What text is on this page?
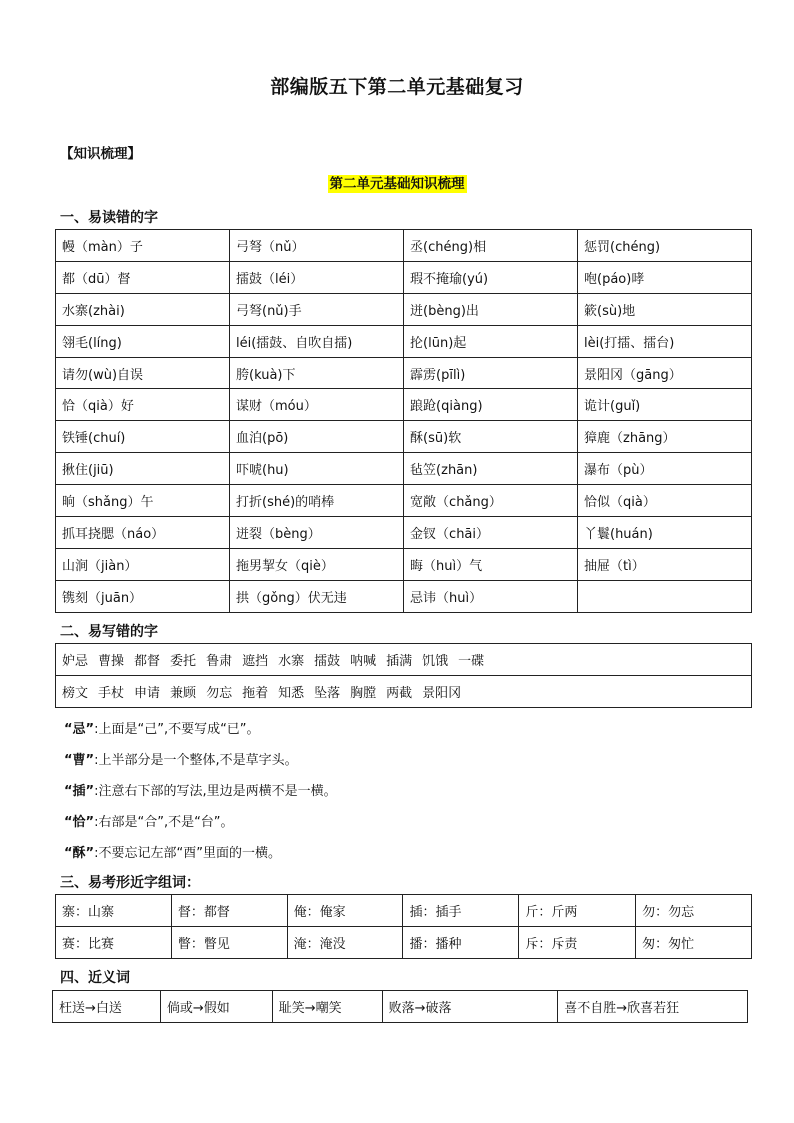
部编版五下第二单元基础复习
【知识梳理】
第二单元基础知识梳理
一、易读错的字
幔（màn）子	弓弩（nǔ）	丞(chéng)相	惩罚(chéng)
都（dū）督	擂鼓（léi）	瑕不掩瑜(yú)	咆(páo)哮
水寨(zhài)	弓弩(nǔ)手	迸(bèng)出	簌(sù)地
翎毛(líng)	léi(擂鼓、自吹自擂)	抡(lūn)起	lèi(打擂、擂台)
请勿(wù)自误	胯(kuà)下	霹雳(pīlì)	景阳冈（gāng）
恰（qià）好	谋财（móu）	踉跄(qiàng)	诡计(guǐ)
铁锤(chuí)	血泊(pō)	酥(sū)软	獐鹿（zhāng）
揪住(jiū)	吓唬(hu)	毡笠(zhān)	瀑布（pù）
晌（shǎng）午	打折(shé)的哨棒	宽敞（chǎng）	恰似（qià）
抓耳挠腮（náo）	迸裂（bèng）	金钗（chāi）	丫鬟(huán)
山涧（jiàn）	拖男挈女（qiè）	晦（huì）气	抽屉（tì）
镌刻（juān）	拱（gǒng）伏无违	忌讳（huì）	
二、易写错的字
妒忌 曹操 都督 委托 鲁肃 遮挡 水寨 擂鼓 呐喊 插满 饥饿 一碟
榜文 手杖 申请 兼顾 勿忘 拖着 知悉 坠落 胸膛 两截 景阳冈
“忌”:上面是“己”,不要写成“已”。
“曹”:上半部分是一个整体,不是草字头。
“插”:注意右下部的写法,里边是两横不是一横。
“恰”:右部是“合”,不是“台”。
“酥”:不要忘记左部“酉”里面的一横。
三、易考形近字组词：
寨：山寨	督：都督	俺：俺家	插：插手	斤：斤两	勿：勿忘
赛：比赛	瞥：瞥见	淹：淹没	播：播种	斥：斥责	匆：匆忙
四、近义词
枉送→白送	倘或→假如	耻笑→嘲笑	败落→破落	喜不自胜→欣喜若狂
